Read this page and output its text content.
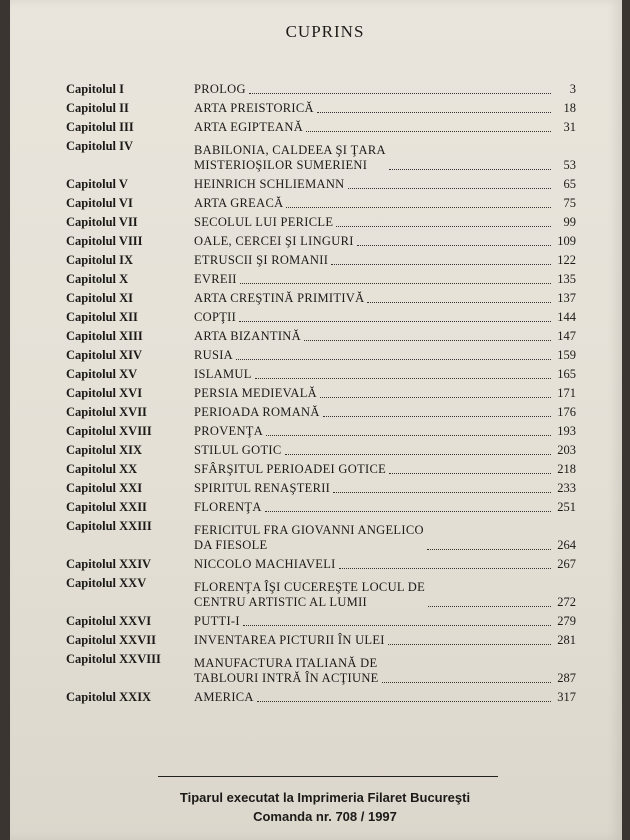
CUPRINS
Capitolul I	PROLOG	3
Capitolul II	ARTA PREISTORICĂ	18
Capitolul III	ARTA EGIPTEANĂ	31
Capitolul IV	BABILONIA, CALDEEA ŞI ŢARA
MISTERIOŞILOR SUMERIENI	53
Capitolul V	HEINRICH SCHLIEMANN	65
Capitolul VI	ARTA GREACĂ	75
Capitolul VII	SECOLUL LUI PERICLE	99
Capitolul VIII	OALE, CERCEI ŞI LINGURI	109
Capitolul IX	ETRUSCII ŞI ROMANII	122
Capitolul X	EVREII	135
Capitolul XI	ARTA CREŞTINĂ PRIMITIVĂ	137
Capitolul XII	COPŢII	144
Capitolul XIII	ARTA BIZANTINĂ	147
Capitolul XIV	RUSIA	159
Capitolul XV	ISLAMUL	165
Capitolul XVI	PERSIA MEDIEVALĂ	171
Capitolul XVII	PERIOADA ROMANĂ	176
Capitolul XVIII	PROVENŢA	193
Capitolul XIX	STILUL GOTIC	203
Capitolul XX	SFÂRŞITUL PERIOADEI GOTICE	218
Capitolul XXI	SPIRITUL RENAŞTERII	233
Capitolul XXII	FLORENŢA	251
Capitolul XXIII	FERICITUL FRA GIOVANNI ANGELICO
DA FIESOLE	264
Capitolul XXIV	NICCOLO MACHIAVELI	267
Capitolul XXV	FLORENŢA ÎŞI CUCEREŞTE LOCUL DE
CENTRU ARTISTIC AL LUMII	272
Capitolul XXVI	PUTTI-I	279
Capitolul XXVII	INVENTAREA PICTURII ÎN ULEI	281
Capitolul XXVIII	MANUFACTURA ITALIANĂ DE
TABLOURI INTRĂ ÎN ACŢIUNE	287
Capitolul XXIX	AMERICA	317
Tiparul executat la Imprimeria Filaret Bucureşti
Comanda nr. 708 / 1997
